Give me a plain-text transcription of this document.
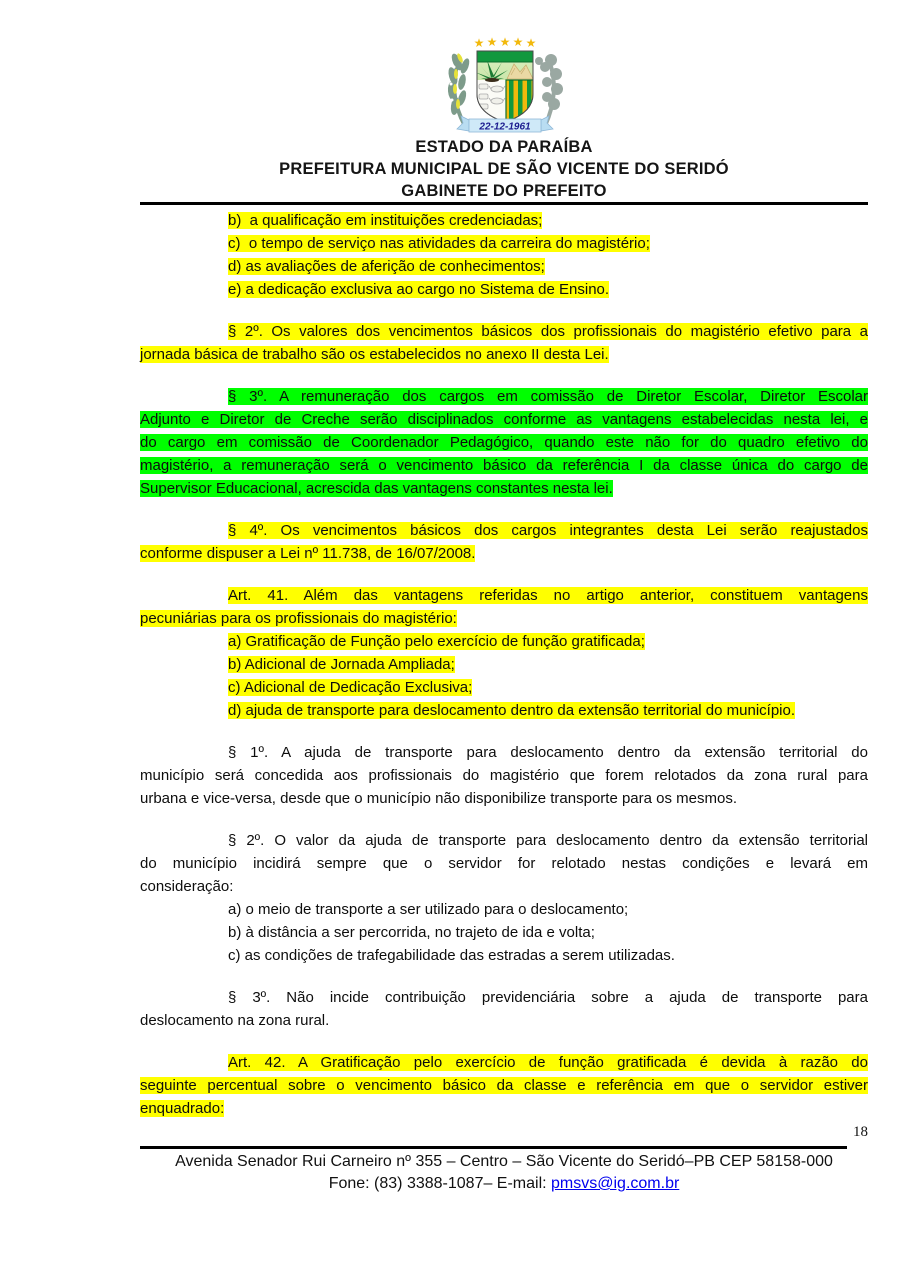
★ ★ ★ ★ ★
22-12-1961
ESTADO DA PARAÍBA
PREFEITURA MUNICIPAL DE SÃO VICENTE DO SERIDÓ
GABINETE DO PREFEITO
b)  a qualificação em instituições credenciadas;
c)  o tempo de serviço nas atividades da carreira do magistério;
d) as avaliações de aferição de conhecimentos;
e) a dedicação exclusiva ao cargo no Sistema de Ensino.
§ 2º. Os valores dos vencimentos básicos dos profissionais do magistério efetivo para a
jornada básica de trabalho são os estabelecidos no anexo II desta Lei.
§ 3º. A remuneração dos cargos em comissão de Diretor Escolar, Diretor Escolar
Adjunto e Diretor de Creche serão disciplinados conforme as vantagens estabelecidas nesta lei, e
do cargo em comissão de Coordenador Pedagógico, quando este não for do quadro efetivo do
magistério, a remuneração será o vencimento básico da referência I da classe única do cargo de
Supervisor Educacional, acrescida das vantagens constantes nesta lei.
§ 4º. Os vencimentos básicos dos cargos integrantes desta Lei serão reajustados
conforme dispuser a Lei nº 11.738, de 16/07/2008.
Art. 41. Além das vantagens referidas no artigo anterior, constituem vantagens
pecuniárias para os profissionais do magistério:
a) Gratificação de Função pelo exercício de função gratificada;
b) Adicional de Jornada Ampliada;
c) Adicional de Dedicação Exclusiva;
d) ajuda de transporte para deslocamento dentro da extensão territorial do município.
§ 1º. A ajuda de transporte para deslocamento dentro da extensão territorial do
município será concedida aos profissionais do magistério que forem relotados da zona rural para
urbana e vice-versa, desde que o município não disponibilize transporte para os mesmos.
§ 2º. O valor da ajuda de transporte para deslocamento dentro da extensão territorial
do município incidirá sempre que o servidor for relotado nestas condições e levará em
consideração:
a) o meio de transporte a ser utilizado para o deslocamento;
b) à distância a ser percorrida, no trajeto de ida e volta;
c) as condições de trafegabilidade das estradas a serem utilizadas.
§ 3º. Não incide contribuição previdenciária sobre a ajuda de transporte para
deslocamento na zona rural.
Art. 42. A Gratificação pelo exercício de função gratificada é devida à razão do
seguinte percentual sobre o vencimento básico da classe e referência em que o servidor estiver
enquadrado:
18
Avenida Senador Rui Carneiro nº 355 – Centro – São Vicente do Seridó–PB CEP 58158-000
Fone: (83) 3388-1087– E-mail: pmsvs@ig.com.br
